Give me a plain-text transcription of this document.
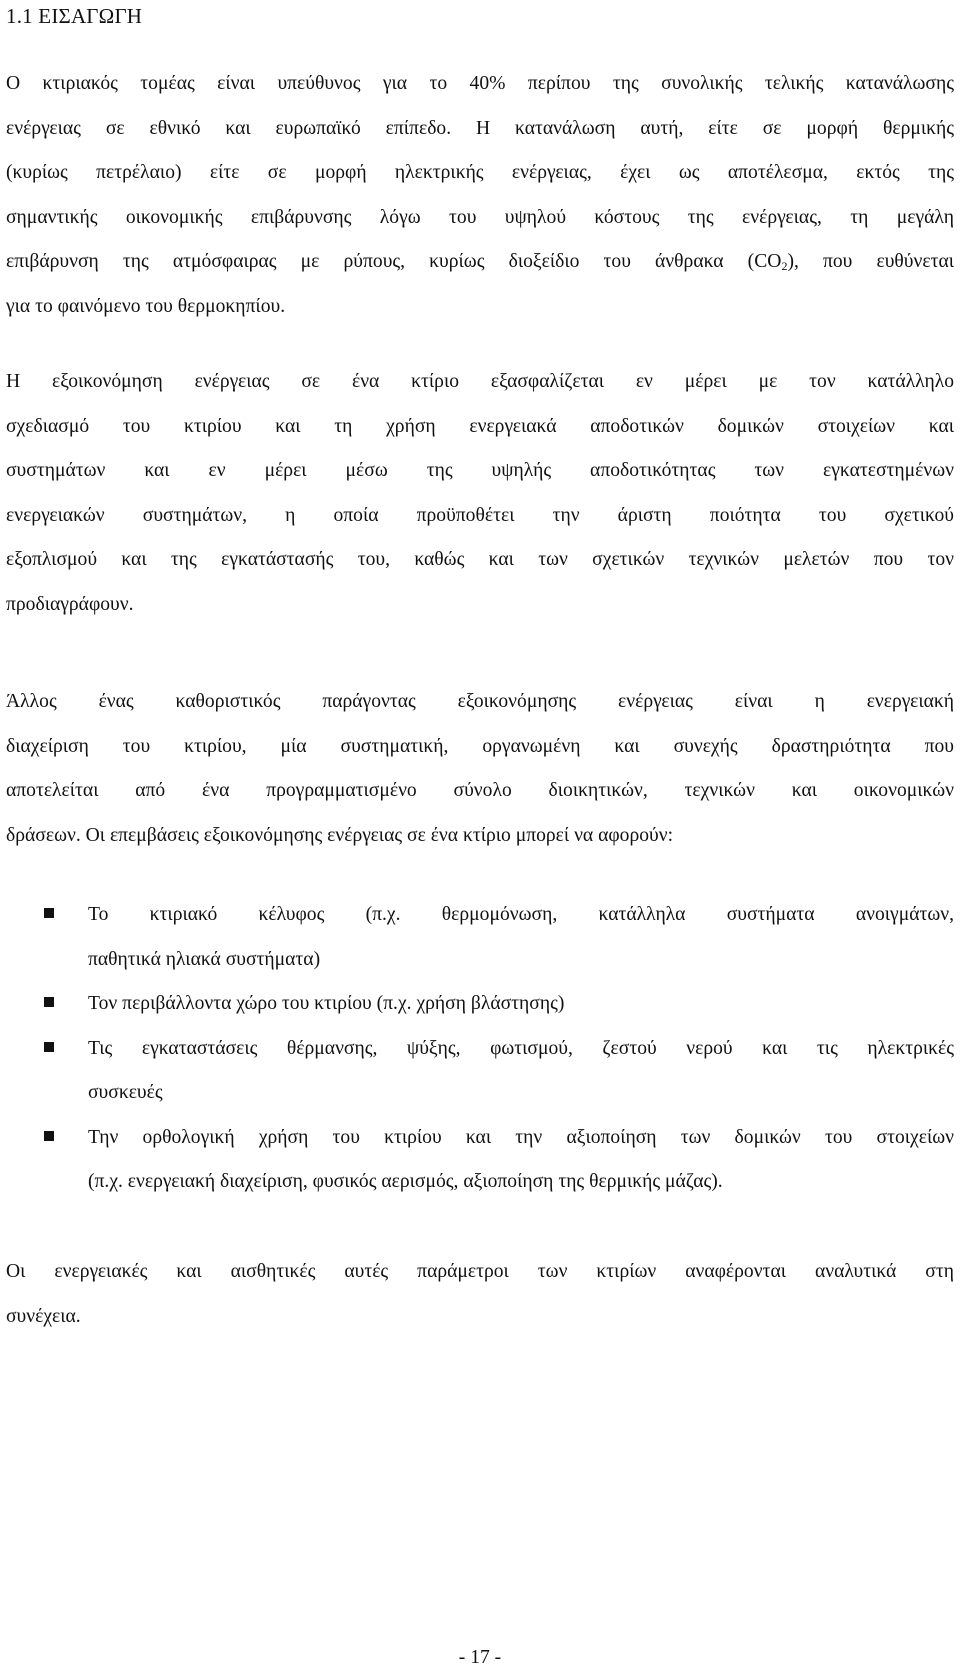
1.1 ΕΙΣΑΓΩΓΗ

Ο κτιριακός τομέας είναι υπεύθυνος για το 40% περίπου της συνολικής τελικής κατανάλωσης
ενέργειας σε εθνικό και ευρωπαϊκό επίπεδο. Η κατανάλωση αυτή, είτε σε μορφή θερμικής
(κυρίως πετρέλαιο) είτε σε μορφή ηλεκτρικής ενέργειας, έχει ως αποτέλεσμα, εκτός της
σημαντικής οικονομικής επιβάρυνσης λόγω του υψηλού κόστους της ενέργειας, τη μεγάλη
επιβάρυνση της ατμόσφαιρας με ρύπους, κυρίως διοξείδιο του άνθρακα $(CO_2)$, που ευθύνεται
για το φαινόμενο του θερμοκηπίου.

Η εξοικονόμηση ενέργειας σε ένα κτίριο εξασφαλίζεται εν μέρει με τον κατάλληλο
σχεδιασμό του κτιρίου και τη χρήση ενεργειακά αποδοτικών δομικών στοιχείων και
συστημάτων και εν μέρει μέσω της υψηλής αποδοτικότητας των εγκατεστημένων
ενεργειακών συστημάτων, η οποία προϋποθέτει την άριστη ποιότητα του σχετικού
εξοπλισμού και της εγκατάστασής του, καθώς και των σχετικών τεχνικών μελετών που τον
προδιαγράφουν.

Άλλος ένας καθοριστικός παράγοντας εξοικονόμησης ενέργειας είναι η ενεργειακή
διαχείριση του κτιρίου, μία συστηματική, οργανωμένη και συνεχής δραστηριότητα που
αποτελείται από ένα προγραμματισμένο σύνολο διοικητικών, τεχνικών και οικονομικών
δράσεων. Οι επεμβάσεις εξοικονόμησης ενέργειας σε ένα κτίριο μπορεί να αφορούν:

Το κτιριακό κέλυφος (π.χ. θερμομόνωση, κατάλληλα συστήματα ανοιγμάτων,
παθητικά ηλιακά συστήματα)
Τον περιβάλλοντα χώρο του κτιρίου (π.χ. χρήση βλάστησης)
Τις εγκαταστάσεις θέρμανσης, ψύξης, φωτισμού, ζεστού νερού και τις ηλεκτρικές
συσκευές
Την ορθολογική χρήση του κτιρίου και την αξιοποίηση των δομικών του στοιχείων
(π.χ. ενεργειακή διαχείριση, φυσικός αερισμός, αξιοποίηση της θερμικής μάζας).

Οι ενεργειακές και αισθητικές αυτές παράμετροι των κτιρίων αναφέρονται αναλυτικά στη
συνέχεια.

- 17 -
